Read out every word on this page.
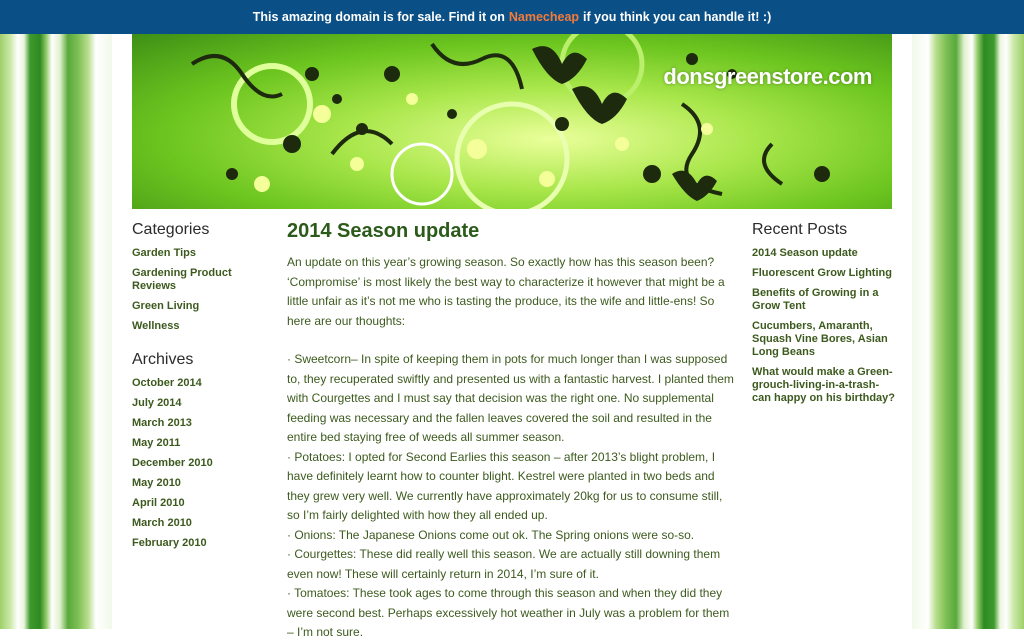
This amazing domain is for sale. Find it on Namecheap if you think you can handle it! :)
donsgreenstore.com
Categories
Garden Tips
Gardening Product Reviews
Green Living
Wellness
Archives
October 2014
July 2014
March 2013
May 2011
December 2010
May 2010
April 2010
March 2010
February 2010
2014 Season update

An update on this year’s growing season. So exactly how has this season been? ‘Compromise’ is most likely the best way to characterize it however that might be a little unfair as it’s not me who is tasting the produce, its the wife and little-ens! So here are our thoughts:

· Sweetcorn– In spite of keeping them in pots for much longer than I was supposed to, they recuperated swiftly and presented us with a fantastic harvest. I planted them with Courgettes and I must say that decision was the right one. No supplemental feeding was necessary and the fallen leaves covered the soil and resulted in the entire bed staying free of weeds all summer season.

· Potatoes: I opted for Second Earlies this season – after 2013’s blight problem, I have definitely learnt how to counter blight. Kestrel were planted in two beds and they grew very well. We currently have approximately 20kg for us to consume still, so I’m fairly delighted with how they all ended up.

· Onions: The Japanese Onions come out ok. The Spring onions were so-so.

· Courgettes: These did really well this season. We are actually still downing them even now! These will certainly return in 2014, I’m sure of it.

· Tomatoes: These took ages to come through this season and when they did they were second best. Perhaps excessively hot weather in July was a problem for them – I’m not sure.

Recent Posts
2014 Season update
Fluorescent Grow Lighting
Benefits of Growing in a Grow Tent
Cucumbers, Amaranth, Squash Vine Bores, Asian Long Beans
What would make a Green-grouch-living-in-a-trash-can happy on his birthday?
